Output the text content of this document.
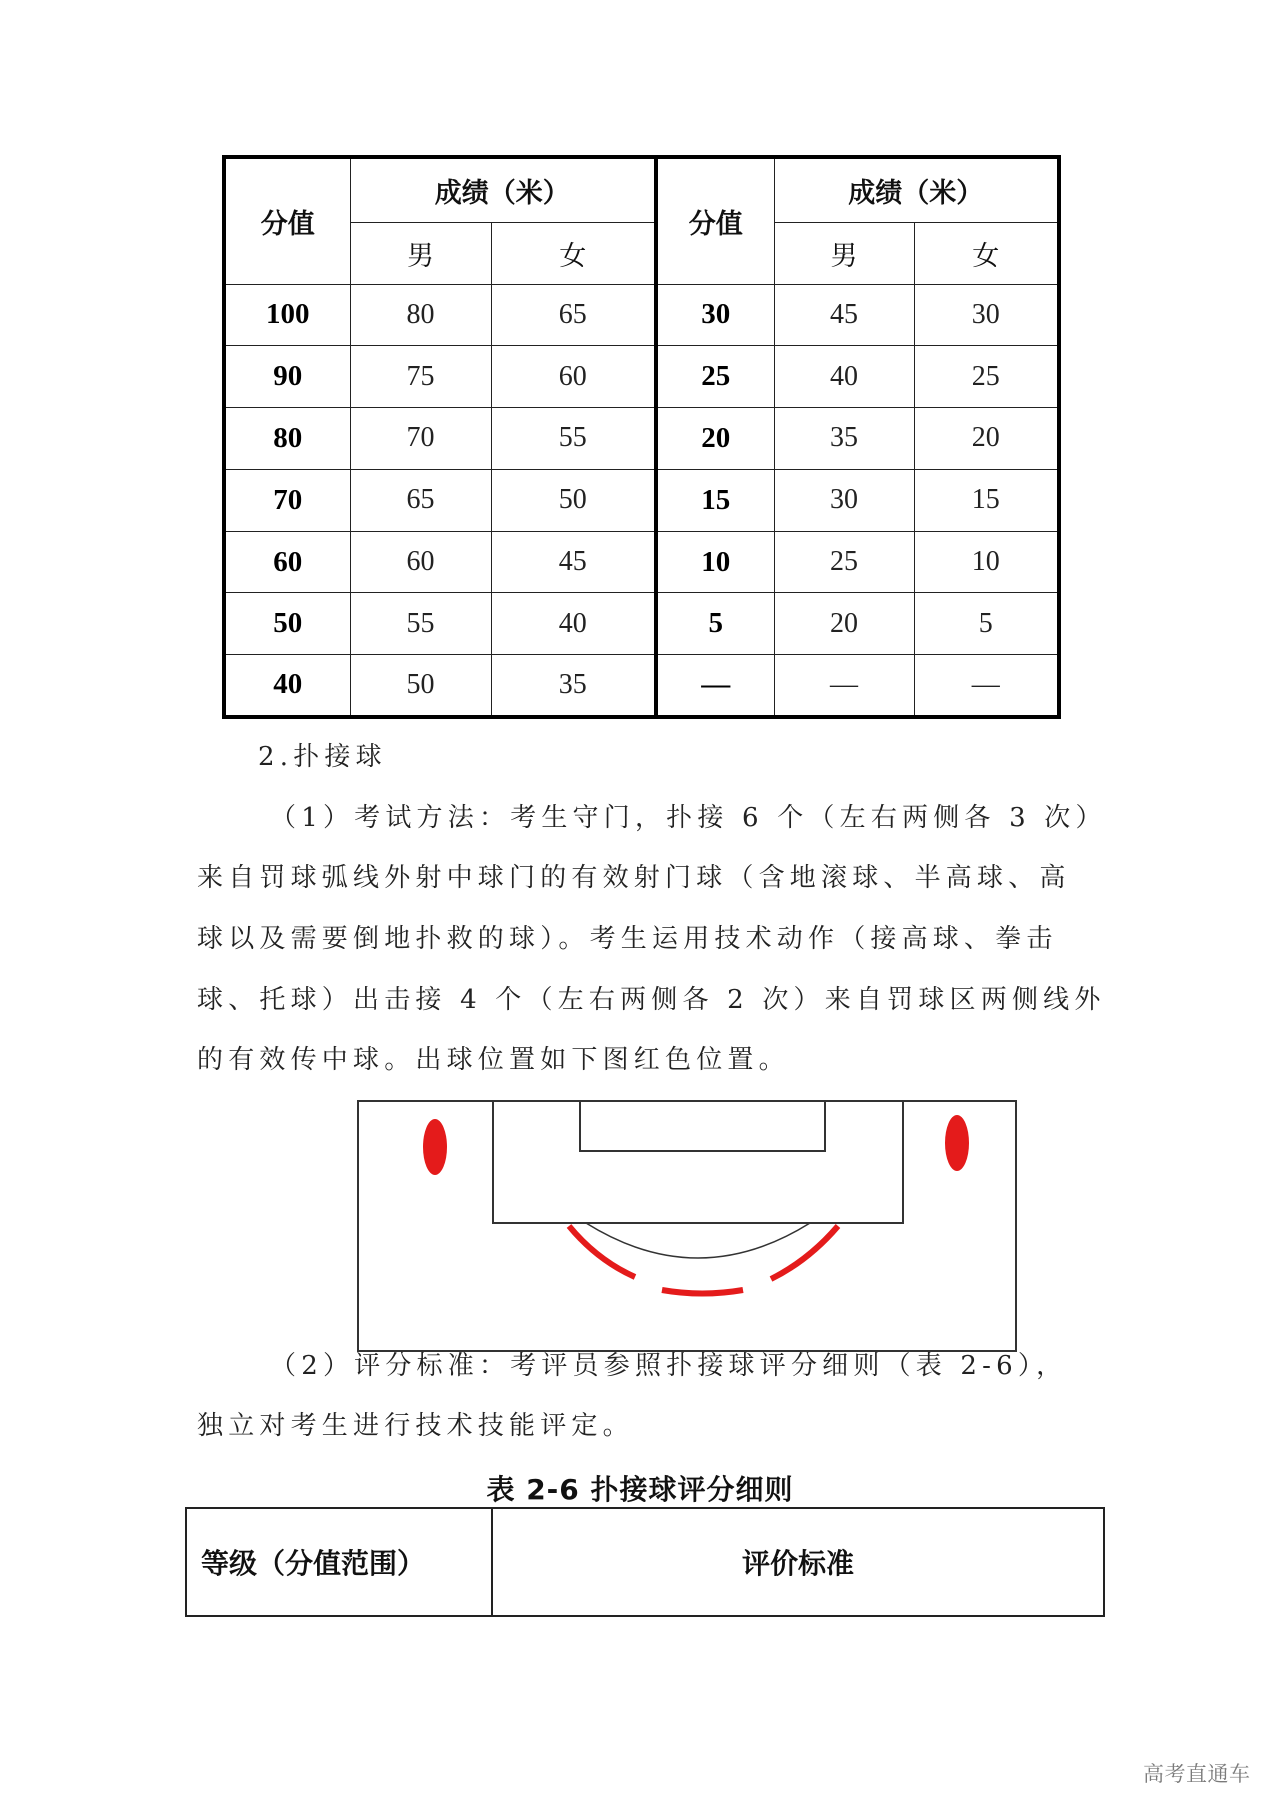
分值	成绩（米）		分值	成绩（米）	
	男	女		男	女
100	80	65	30	45	30
90	75	60	25	40	25
80	70	55	20	35	20
70	65	50	15	30	15
60	60	45	10	25	10
50	55	40	5	20	5
40	50	35	—	—	—
2.扑接球
（1）考试方法：考生守门，扑接 6 个（左右两侧各 3 次）
来自罚球弧线外射中球门的有效射门球（含地滚球、半高球、高
球以及需要倒地扑救的球）。考生运用技术动作（接高球、拳击
球、托球）出击接 4 个（左右两侧各 2 次）来自罚球区两侧线外
的有效传中球。出球位置如下图红色位置。
（2）评分标准：考评员参照扑接球评分细则（表 2-6），
独立对考生进行技术技能评定。
表 2-6 扑接球评分细则
等级（分值范围）	评价标准
高考直通车
